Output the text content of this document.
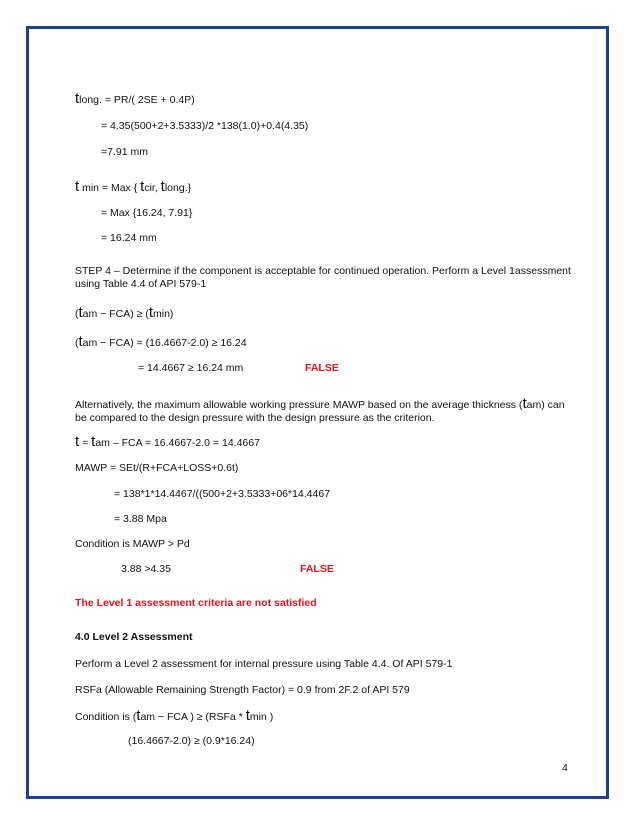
tlong. = PR/( 2SE + 0.4P)
= 4.35(500+2+3.5333)/2 *138(1.0)+0.4(4.35)
=7.91 mm
t min = Max { tcir, tlong.}
= Max {16.24, 7.91}
= 16.24 mm
STEP 4 – Determine if the component is acceptable for continued operation. Perform a Level 1assessment using Table 4.4 of API 579-1
(tam − FCA) ≥ (tmin)
(tam − FCA) = (16.4667-2.0) ≥ 16.24
= 14.4667 ≥ 16.24 mm	FALSE
Alternatively, the maximum allowable working pressure MAWP based on the average thickness (tam) can be compared to the design pressure with the design pressure as the criterion.
t = tam – FCA = 16.4667-2.0 = 14.4667
MAWP = SEt/(R+FCA+LOSS+0.6t)
= 138*1*14.4467/((500+2+3.5333+06*14.4467
= 3.88 Mpa
Condition is MAWP > Pd
3.88 >4.35	FALSE
The Level 1 assessment criteria are not satisfied
4.0 Level 2 Assessment
Perform a Level 2 assessment for internal pressure using Table 4.4. Of API 579-1
RSFa (Allowable Remaining Strength Factor) = 0.9 from 2F.2 of API 579
Condition is (tam − FCA ) ≥ (RSFa * tmin )
(16.4667-2.0) ≥ (0.9*16.24)
4
